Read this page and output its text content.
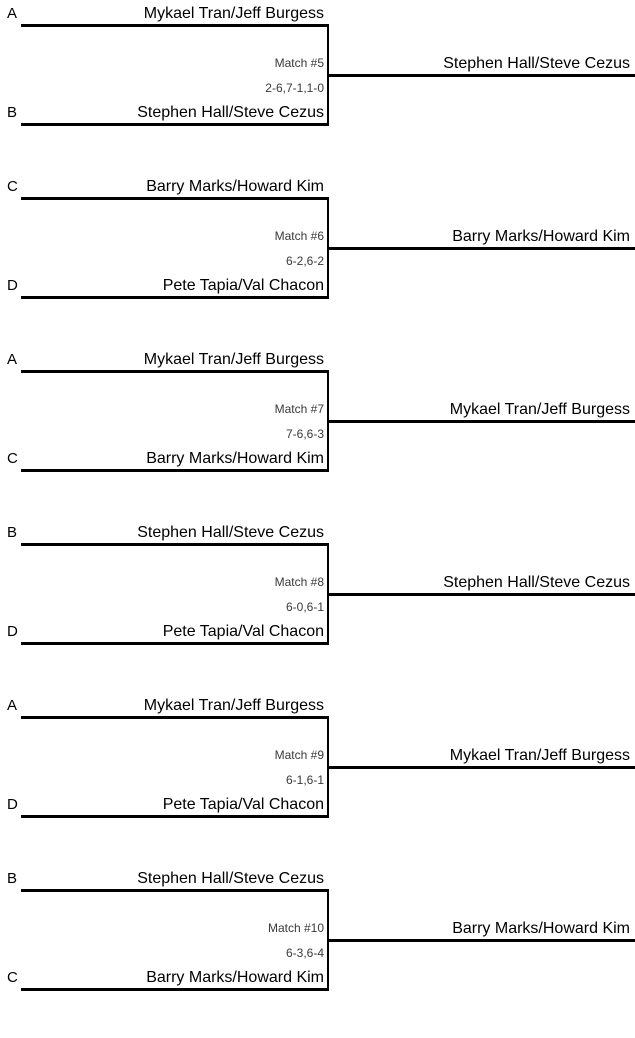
A	Mykael Tran/Jeff Burgess
Match #5
2-6,7-1,1-0
Stephen Hall/Steve Cezus
B	Stephen Hall/Steve Cezus
C	Barry Marks/Howard Kim
Match #6
6-2,6-2
Barry Marks/Howard Kim
D	Pete Tapia/Val Chacon
A	Mykael Tran/Jeff Burgess
Match #7
7-6,6-3
Mykael Tran/Jeff Burgess
C	Barry Marks/Howard Kim
B	Stephen Hall/Steve Cezus
Match #8
6-0,6-1
Stephen Hall/Steve Cezus
D	Pete Tapia/Val Chacon
A	Mykael Tran/Jeff Burgess
Match #9
6-1,6-1
Mykael Tran/Jeff Burgess
D	Pete Tapia/Val Chacon
B	Stephen Hall/Steve Cezus
Match #10
6-3,6-4
Barry Marks/Howard Kim
C	Barry Marks/Howard Kim
